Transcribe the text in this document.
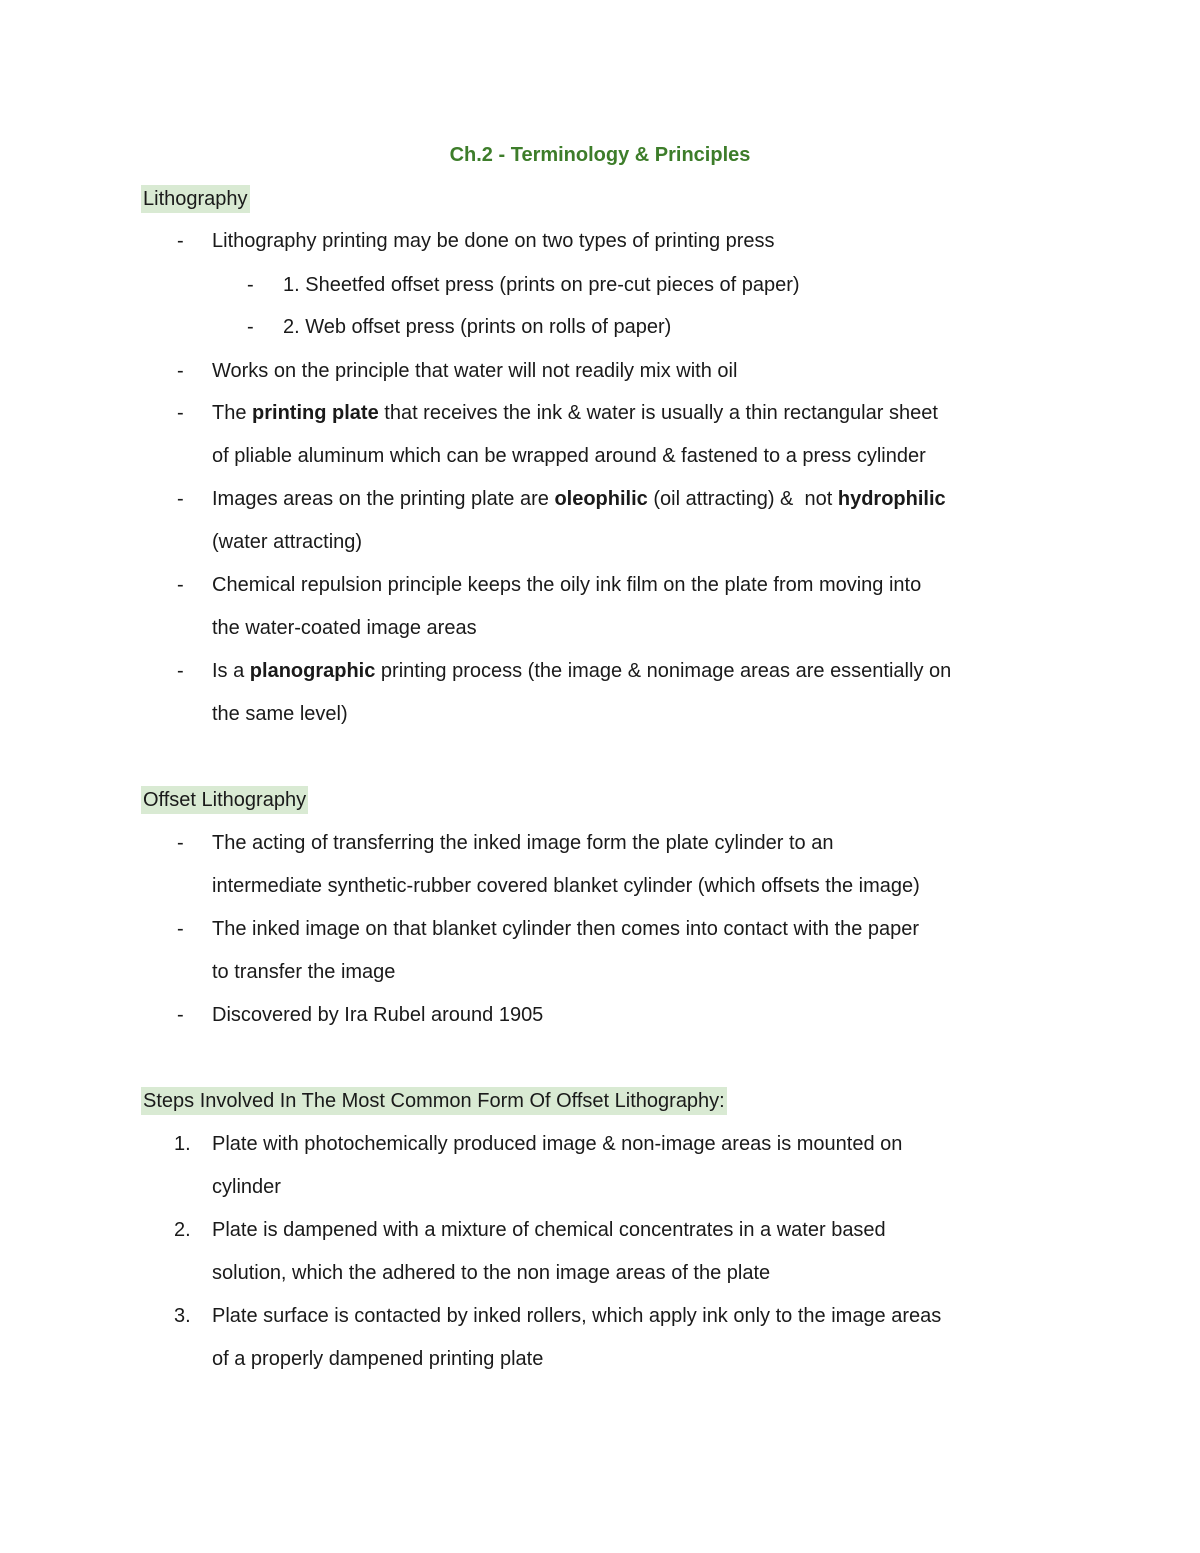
Ch.2 - Terminology & Principles
Lithography
- Lithography printing may be done on two types of printing press
- 1. Sheetfed offset press (prints on pre-cut pieces of paper)
- 2. Web offset press (prints on rolls of paper)
- Works on the principle that water will not readily mix with oil
- The printing plate that receives the ink & water is usually a thin rectangular sheet
of pliable aluminum which can be wrapped around & fastened to a press cylinder
- Images areas on the printing plate are oleophilic (oil attracting) &  not hydrophilic
(water attracting)
- Chemical repulsion principle keeps the oily ink film on the plate from moving into
the water-coated image areas
- Is a planographic printing process (the image & nonimage areas are essentially on
the same level)
Offset Lithography
- The acting of transferring the inked image form the plate cylinder to an
intermediate synthetic-rubber covered blanket cylinder (which offsets the image)
- The inked image on that blanket cylinder then comes into contact with the paper
to transfer the image
- Discovered by Ira Rubel around 1905
Steps Involved In The Most Common Form Of Offset Lithography:
1. Plate with photochemically produced image & non-image areas is mounted on
cylinder
2. Plate is dampened with a mixture of chemical concentrates in a water based
solution, which the adhered to the non image areas of the plate
3. Plate surface is contacted by inked rollers, which apply ink only to the image areas
of a properly dampened printing plate
